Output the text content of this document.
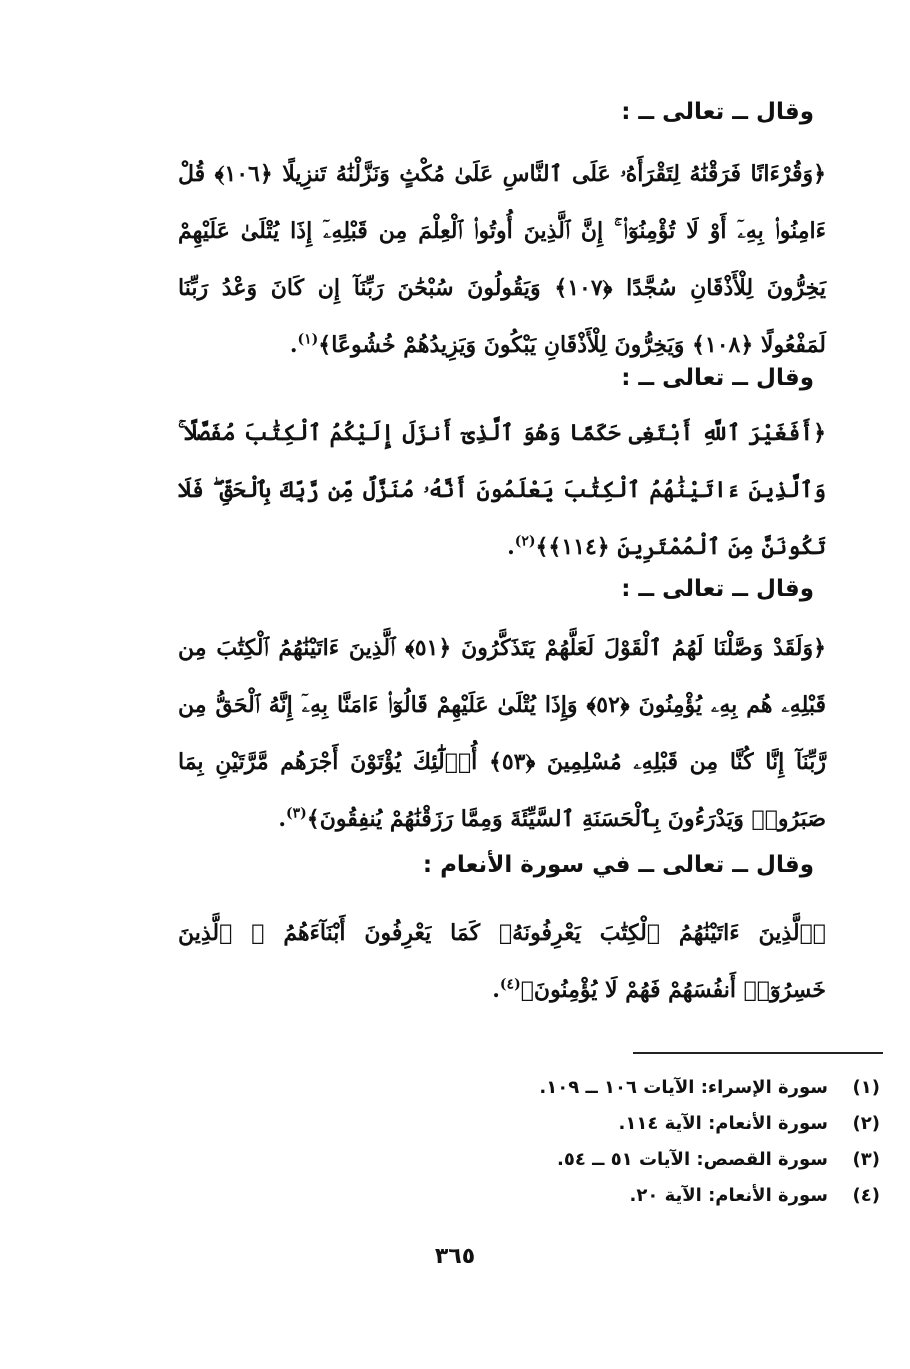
وقال ــ تعالى ــ :
﴿وَقُرْءَانًا فَرَقْنَٰهُ لِتَقْرَأَهُۥ عَلَى ٱلنَّاسِ عَلَىٰ مُكْثٍ وَنَزَّلْنَٰهُ تَنزِيلًا ﴿١٠٦﴾ قُلْ ءَامِنُوا۟ بِهِۦٓ أَوْ لَا تُؤْمِنُوٓا۟ ۚ إِنَّ ٱلَّذِينَ أُوتُوا۟ ٱلْعِلْمَ مِن قَبْلِهِۦٓ إِذَا يُتْلَىٰ عَلَيْهِمْ يَخِرُّونَ لِلْأَذْقَانِ سُجَّدًا ﴿١٠٧﴾ وَيَقُولُونَ سُبْحَٰنَ رَبِّنَآ إِن كَانَ وَعْدُ رَبِّنَا لَمَفْعُولًا ﴿١٠٨﴾ وَيَخِرُّونَ لِلْأَذْقَانِ يَبْكُونَ وَيَزِيدُهُمْ خُشُوعًا﴾$^{(١)}$.
وقال ــ تعالى ــ :
﴿أَفَغَيْرَ ٱللَّهِ أَبْتَغِى حَكَمًا وَهُوَ ٱلَّذِىٓ أَنزَلَ إِلَيْكُمُ ٱلْكِتَٰبَ مُفَصَّلًا ۚ وَٱلَّذِينَ ءَاتَيْنَٰهُمُ ٱلْكِتَٰبَ يَعْلَمُونَ أَنَّهُۥ مُنَزَّلٌ مِّن رَّبِّكَ بِٱلْحَقِّ ۖ فَلَا تَكُونَنَّ مِنَ ٱلْمُمْتَرِينَ ﴿١١٤﴾﴾$^{(٢)}$.
وقال ــ تعالى ــ :
﴿وَلَقَدْ وَصَّلْنَا لَهُمُ ٱلْقَوْلَ لَعَلَّهُمْ يَتَذَكَّرُونَ ﴿٥١﴾ ٱلَّذِينَ ءَاتَيْنَٰهُمُ ٱلْكِتَٰبَ مِن قَبْلِهِۦ هُم بِهِۦ يُؤْمِنُونَ ﴿٥٢﴾ وَإِذَا يُتْلَىٰ عَلَيْهِمْ قَالُوٓا۟ ءَامَنَّا بِهِۦٓ إِنَّهُ ٱلْحَقُّ مِن رَّبِّنَآ إِنَّا كُنَّا مِن قَبْلِهِۦ مُسْلِمِينَ ﴿٥٣﴾ أُو۟لَٰٓئِكَ يُؤْتَوْنَ أَجْرَهُم مَّرَّتَيْنِ بِمَا صَبَرُوا۟ وَيَدْرَءُونَ بِٱلْحَسَنَةِ ٱلسَّيِّئَةَ وَمِمَّا رَزَقْنَٰهُمْ يُنفِقُونَ﴾$^{(٣)}$.
وقال ــ تعالى ــ في سورة الأنعام :
﴿ٱلَّذِينَ ءَاتَيْنَٰهُمُ ٱلْكِتَٰبَ يَعْرِفُونَهُۥ كَمَا يَعْرِفُونَ أَبْنَآءَهُمُ ۘ ٱلَّذِينَ خَسِرُوٓا۟ أَنفُسَهُمْ فَهُمْ لَا يُؤْمِنُونَ﴾$^{(٤)}$.
(١)
سورة الإسراء: الآيات ١٠٦ ــ ١٠٩.
(٢)
سورة الأنعام: الآية ١١٤.
(٣)
سورة القصص: الآيات ٥١ ــ ٥٤.
(٤)
سورة الأنعام: الآية ٢٠.
٣٦٥
